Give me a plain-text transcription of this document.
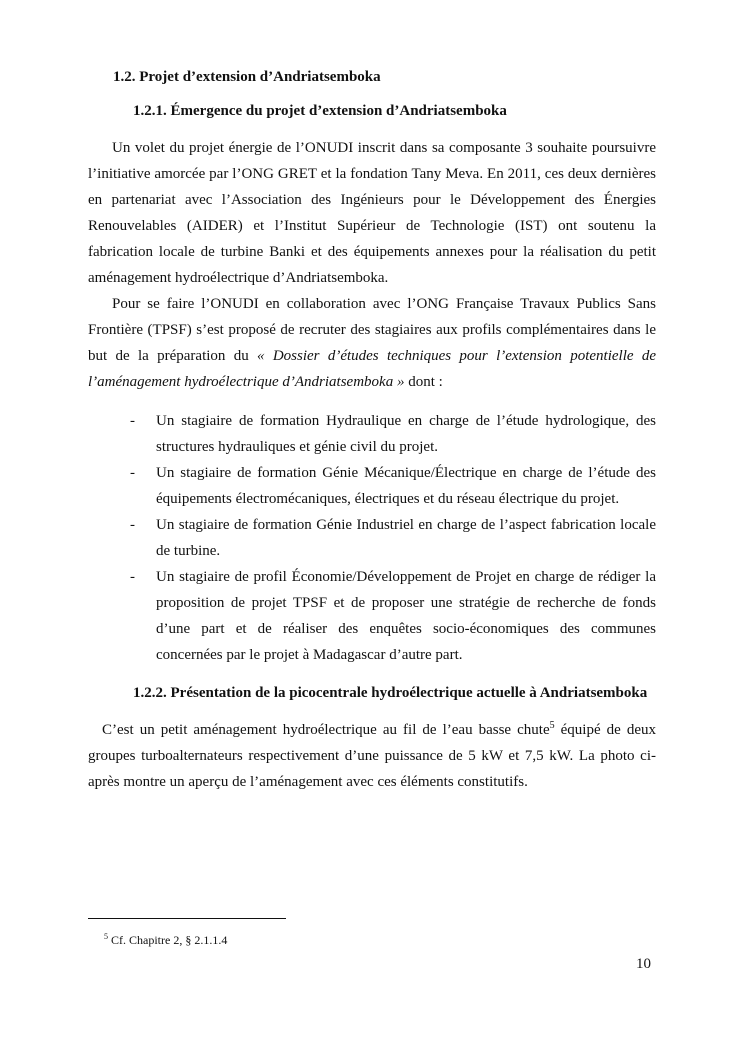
1.2. Projet d’extension d’Andriatsemboka
1.2.1. Émergence du projet d’extension d’Andriatsemboka

Un volet du projet énergie de l’ONUDI inscrit dans sa composante 3 souhaite poursuivre l’initiative amorcée par l’ONG GRET et la fondation Tany Meva. En 2011, ces deux dernières en partenariat avec l’Association des Ingénieurs pour le Développement des Énergies Renouvelables (AIDER) et l’Institut Supérieur de Technologie (IST) ont soutenu la fabrication locale de turbine Banki et des équipements annexes pour la réalisation du petit aménagement hydroélectrique d’Andriatsemboka.

Pour se faire l’ONUDI en collaboration avec l’ONG Française Travaux Publics Sans Frontière (TPSF) s’est proposé de recruter des stagiaires aux profils complémentaires dans le but de la préparation du « Dossier d’études techniques pour l’extension potentielle de l’aménagement hydroélectrique d’Andriatsemboka » dont :

- Un stagiaire de formation Hydraulique en charge de l’étude hydrologique, des structures hydrauliques et génie civil du projet.
- Un stagiaire de formation Génie Mécanique/Électrique en charge de l’étude des équipements électromécaniques, électriques et du réseau électrique du projet.
- Un stagiaire de formation Génie Industriel en charge de l’aspect fabrication locale de turbine.
- Un stagiaire de profil Économie/Développement de Projet en charge de rédiger la proposition de projet TPSF et de proposer une stratégie de recherche de fonds d’une part et de réaliser des enquêtes socio-économiques des communes concernées par le projet à Madagascar d’autre part.
1.2.2. Présentation de la picocentrale hydroélectrique actuelle à Andriatsemboka

C’est un petit aménagement hydroélectrique au fil de l’eau basse chute$^5$ équipé de deux groupes turboalternateurs respectivement d’une puissance de 5 kW et 7,5 kW. La photo ci-après montre un aperçu de l’aménagement avec ces éléments constitutifs.

$^5$ Cf. Chapitre 2, § 2.1.1.4

10
